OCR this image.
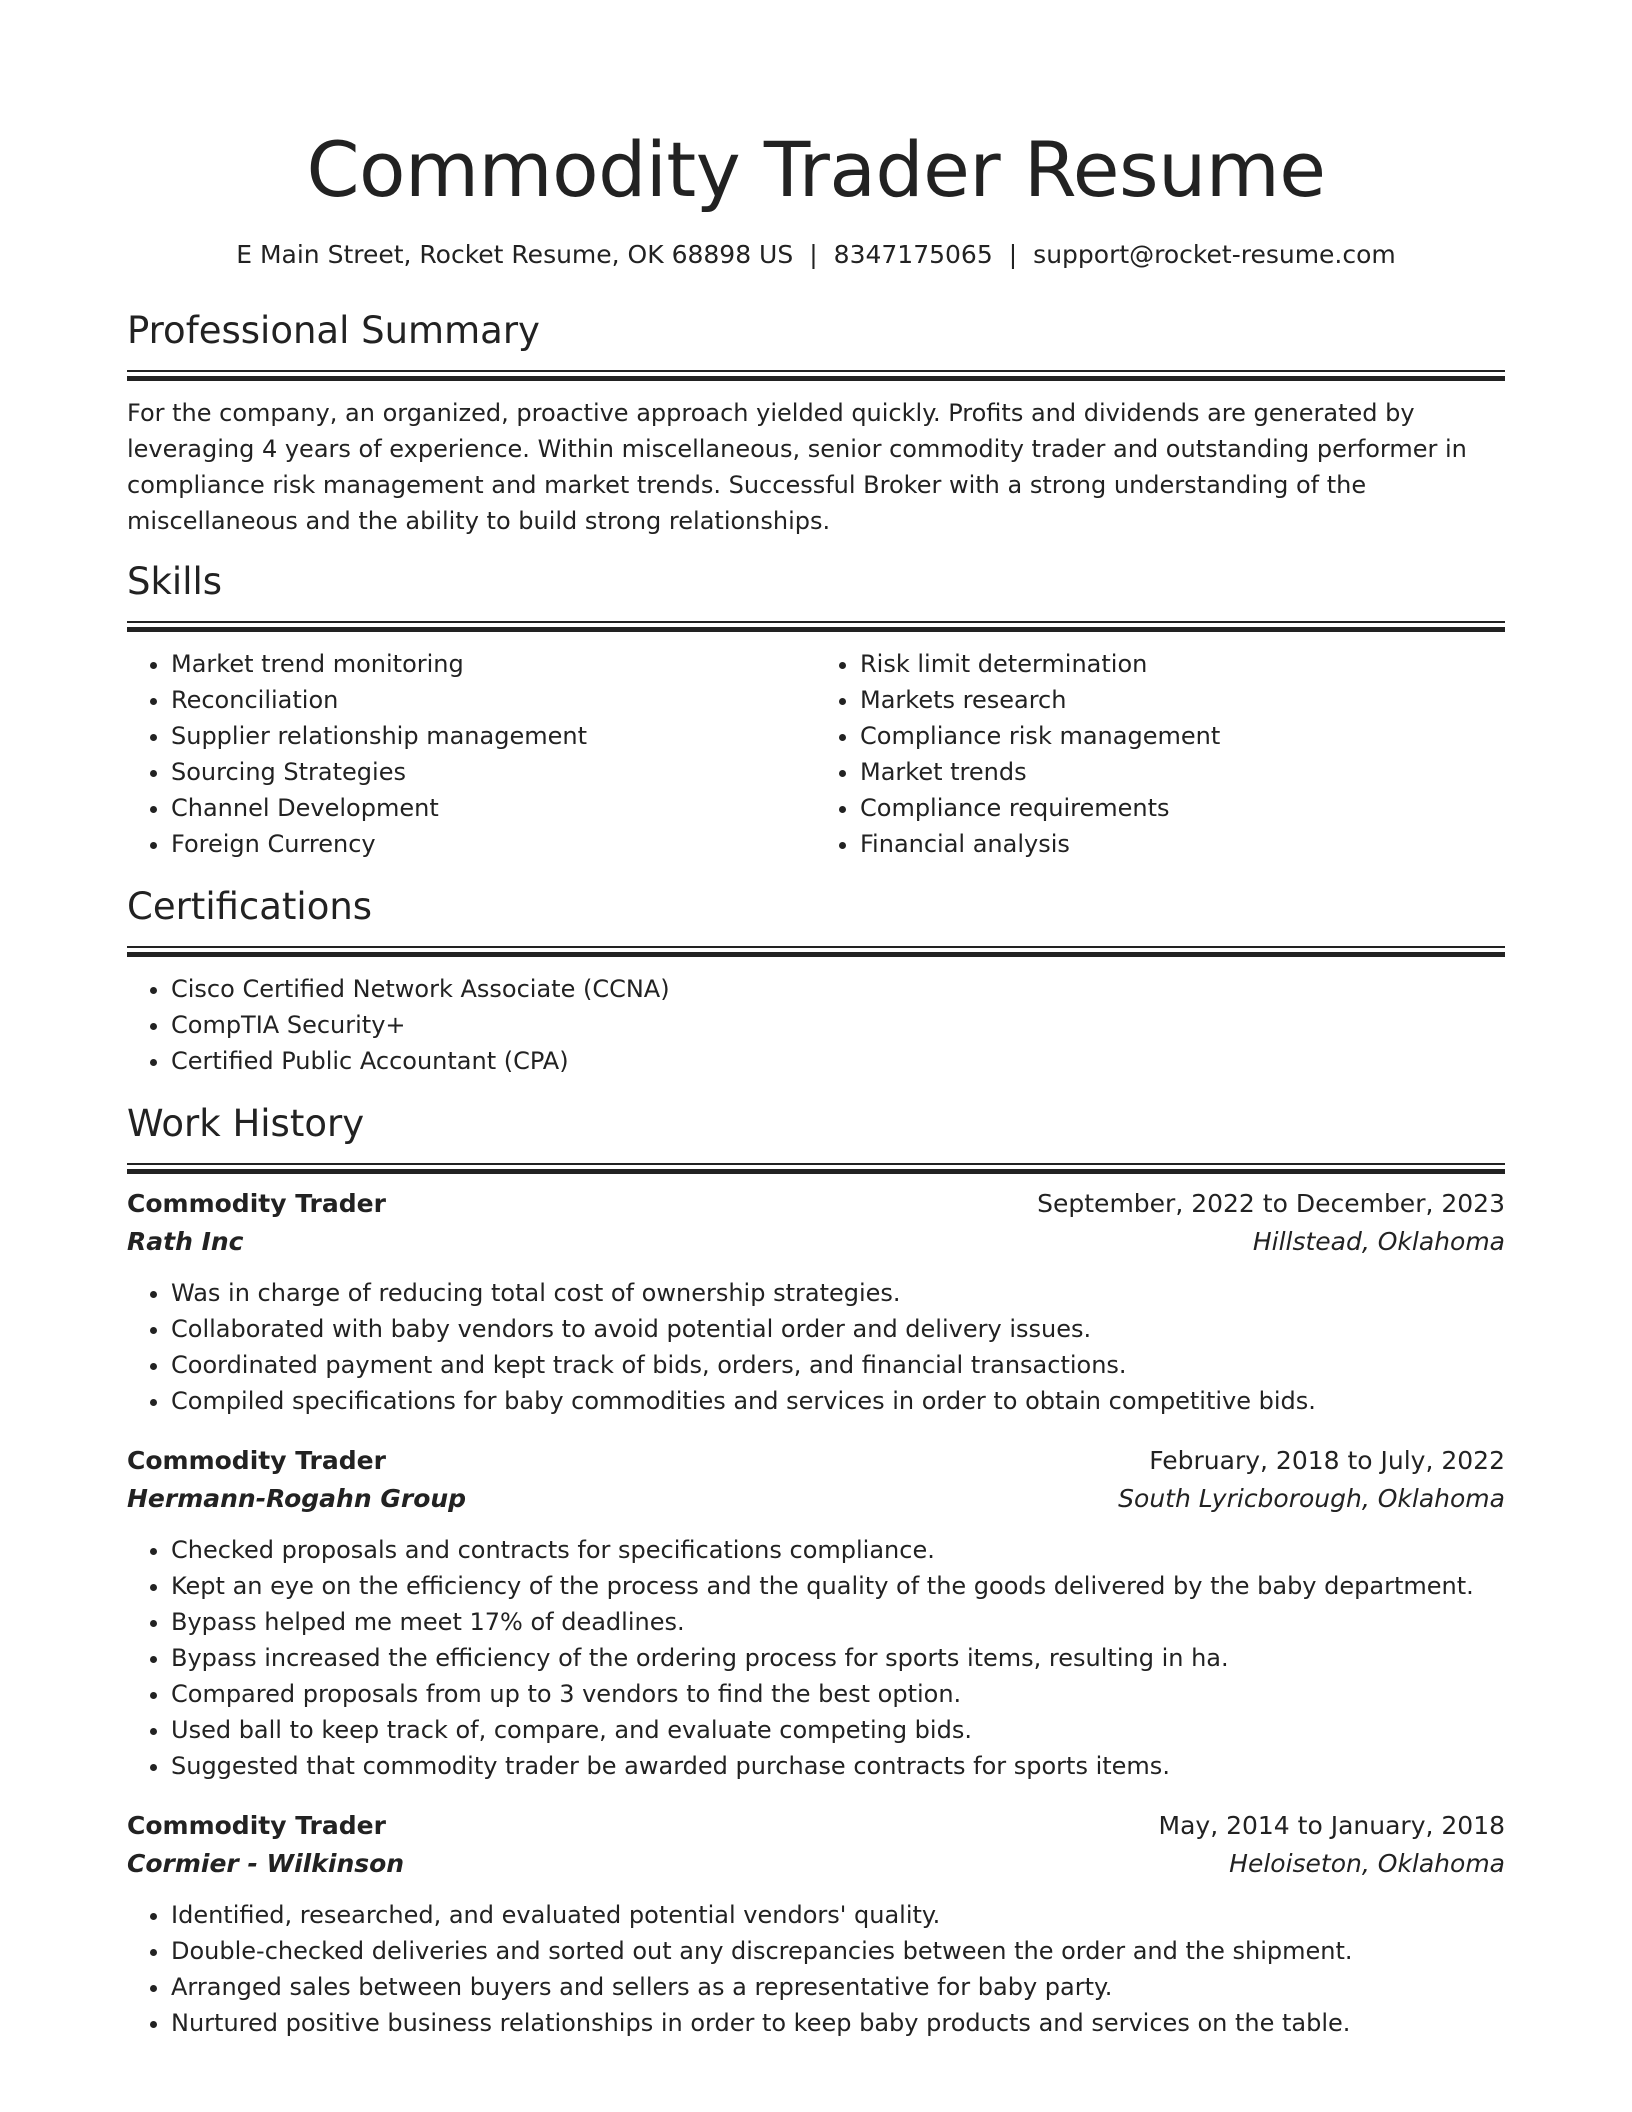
Commodity Trader Resume
E Main Street, Rocket Resume, OK 68898 US | 8347175065 | support@rocket-resume.com
Professional Summary

For the company, an organized, proactive approach yielded quickly. Profits and dividends are generated by leveraging 4 years of experience. Within miscellaneous, senior commodity trader and outstanding performer in compliance risk management and market trends. Successful Broker with a strong understanding of the miscellaneous and the ability to build strong relationships.

Skills
• Market trend monitoring
• Reconciliation
• Supplier relationship management
• Sourcing Strategies
• Channel Development
• Foreign Currency
• Risk limit determination
• Markets research
• Compliance risk management
• Market trends
• Compliance requirements
• Financial analysis
Certifications
• Cisco Certified Network Associate (CCNA)
• CompTIA Security+
• Certified Public Accountant (CPA)
Work History
Commodity Trader	September, 2022 to December, 2023
Rath Inc	Hillstead, Oklahoma
• Was in charge of reducing total cost of ownership strategies.
• Collaborated with baby vendors to avoid potential order and delivery issues.
• Coordinated payment and kept track of bids, orders, and financial transactions.
• Compiled specifications for baby commodities and services in order to obtain competitive bids.
Commodity Trader	February, 2018 to July, 2022
Hermann-Rogahn Group	South Lyricborough, Oklahoma
• Checked proposals and contracts for specifications compliance.
• Kept an eye on the efficiency of the process and the quality of the goods delivered by the baby department.
• Bypass helped me meet 17% of deadlines.
• Bypass increased the efficiency of the ordering process for sports items, resulting in ha.
• Compared proposals from up to 3 vendors to find the best option.
• Used ball to keep track of, compare, and evaluate competing bids.
• Suggested that commodity trader be awarded purchase contracts for sports items.
Commodity Trader	May, 2014 to January, 2018
Cormier - Wilkinson	Heloiseton, Oklahoma
• Identified, researched, and evaluated potential vendors' quality.
• Double-checked deliveries and sorted out any discrepancies between the order and the shipment.
• Arranged sales between buyers and sellers as a representative for baby party.
• Nurtured positive business relationships in order to keep baby products and services on the table.
